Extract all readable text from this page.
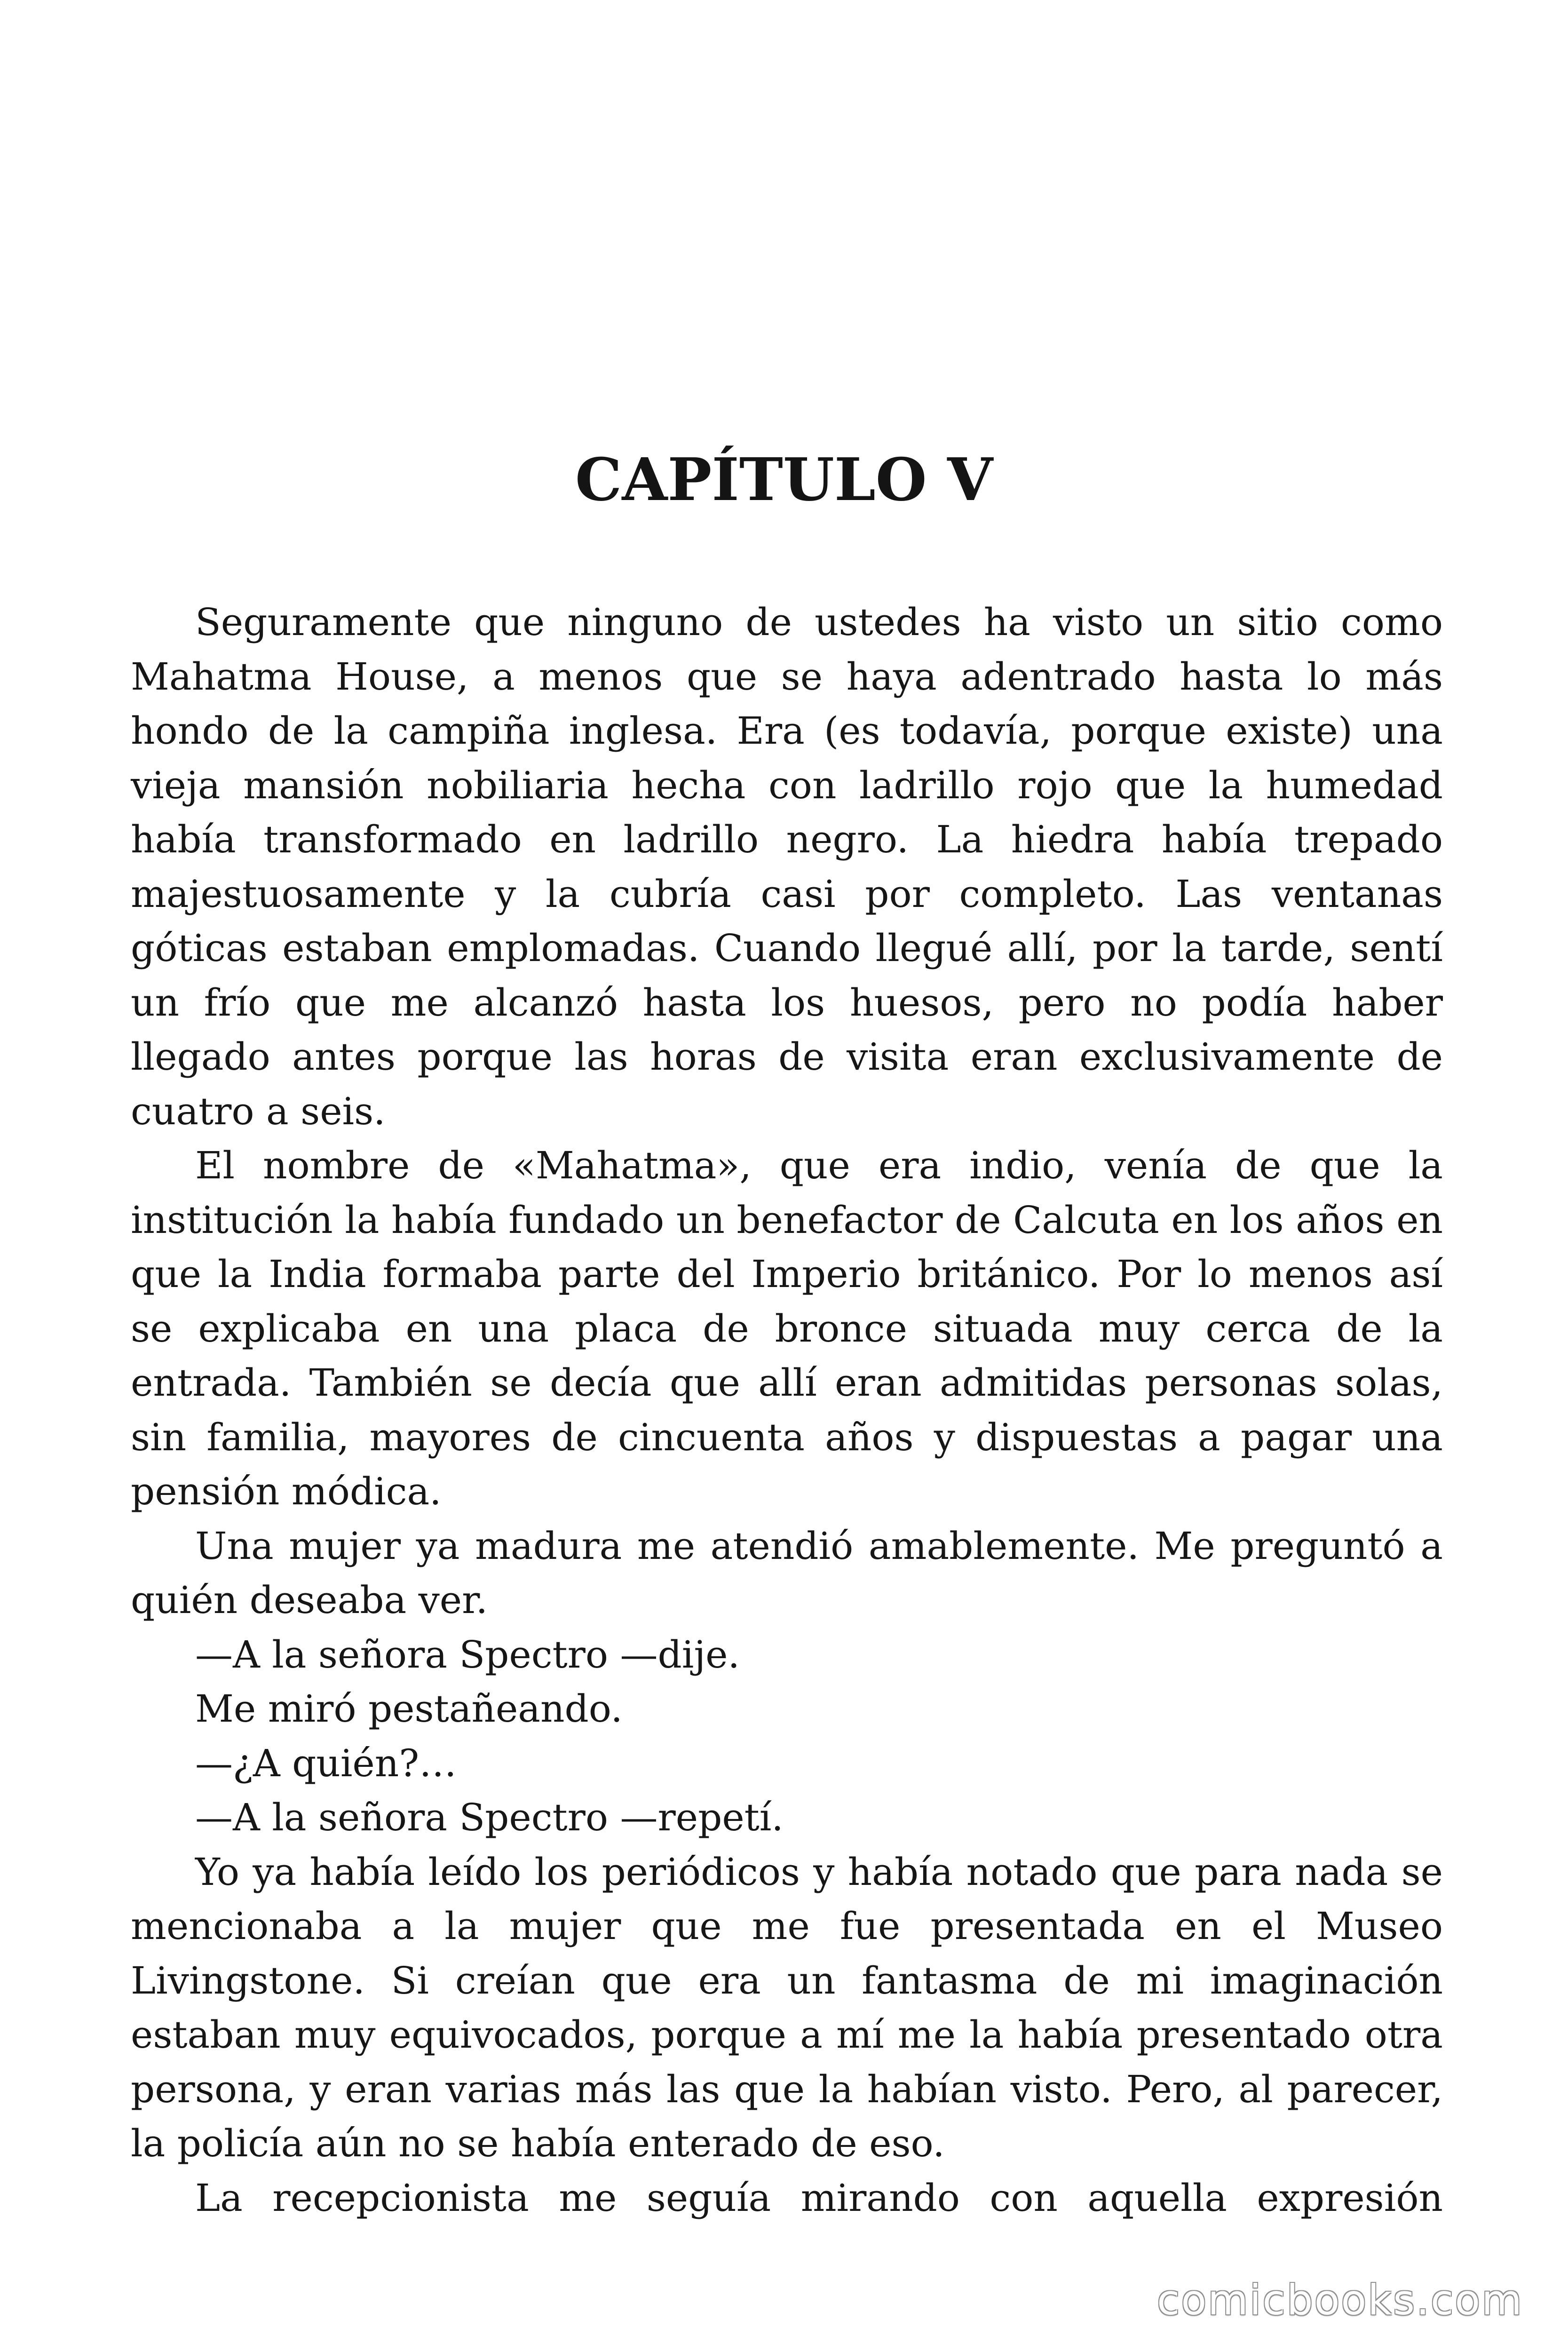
CAPÍTULO V

Seguramente que ninguno de ustedes ha visto un sitio como Mahatma House, a menos que se haya adentrado hasta lo más hondo de la campiña inglesa. Era (es todavía, porque existe) una vieja mansión nobiliaria hecha con ladrillo rojo que la humedad había transformado en ladrillo negro. La hiedra había trepado majestuosamente y la cubría casi por completo. Las ventanas góticas estaban emplomadas. Cuando llegué allí, por la tarde, sentí un frío que me alcanzó hasta los huesos, pero no podía haber llegado antes porque las horas de visita eran exclusivamente de cuatro a seis.

El nombre de «Mahatma», que era indio, venía de que la institución la había fundado un benefactor de Calcuta en los años en que la India formaba parte del Imperio británico. Por lo menos así se explicaba en una placa de bronce situada muy cerca de la entrada. También se decía que allí eran admitidas personas solas, sin familia, mayores de cincuenta años y dispuestas a pagar una pensión módica.

Una mujer ya madura me atendió amablemente. Me preguntó a quién deseaba ver.

—A la señora Spectro —dije.

Me miró pestañeando.

—¿A quién?…

—A la señora Spectro —repetí.

Yo ya había leído los periódicos y había notado que para nada se mencionaba a la mujer que me fue presentada en el Museo Livingstone. Si creían que era un fantasma de mi imaginación estaban muy equivocados, porque a mí me la había presentado otra persona, y eran varias más las que la habían visto. Pero, al parecer, la policía aún no se había enterado de eso.

La recepcionista me seguía mirando con aquella expresión

comicbooks.com
